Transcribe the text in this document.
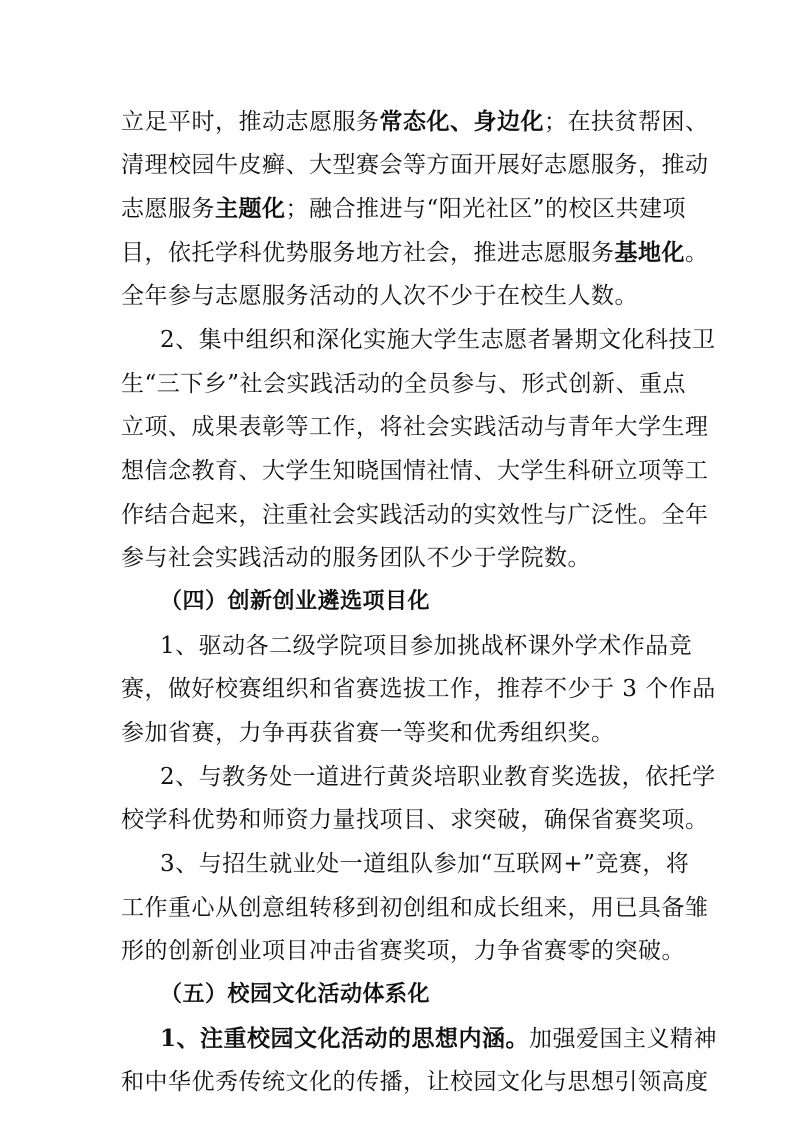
立足平时，推动志愿服务常态化、身边化；在扶贫帮困、
清理校园牛皮癣、大型赛会等方面开展好志愿服务，推动
志愿服务主题化；融合推进与“阳光社区”的校区共建项
目，依托学科优势服务地方社会，推进志愿服务基地化。
全年参与志愿服务活动的人次不少于在校生人数。
2、集中组织和深化实施大学生志愿者暑期文化科技卫
生“三下乡”社会实践活动的全员参与、形式创新、重点
立项、成果表彰等工作，将社会实践活动与青年大学生理
想信念教育、大学生知晓国情社情、大学生科研立项等工
作结合起来，注重社会实践活动的实效性与广泛性。全年
参与社会实践活动的服务团队不少于学院数。
（四）创新创业遴选项目化
1、驱动各二级学院项目参加挑战杯课外学术作品竞
赛，做好校赛组织和省赛选拔工作，推荐不少于 3 个作品
参加省赛，力争再获省赛一等奖和优秀组织奖。
2、与教务处一道进行黄炎培职业教育奖选拔，依托学
校学科优势和师资力量找项目、求突破，确保省赛奖项。
3、与招生就业处一道组队参加“互联网+”竞赛，将
工作重心从创意组转移到初创组和成长组来，用已具备雏
形的创新创业项目冲击省赛奖项，力争省赛零的突破。
（五）校园文化活动体系化
1、注重校园文化活动的思想内涵。加强爱国主义精神
和中华优秀传统文化的传播，让校园文化与思想引领高度
